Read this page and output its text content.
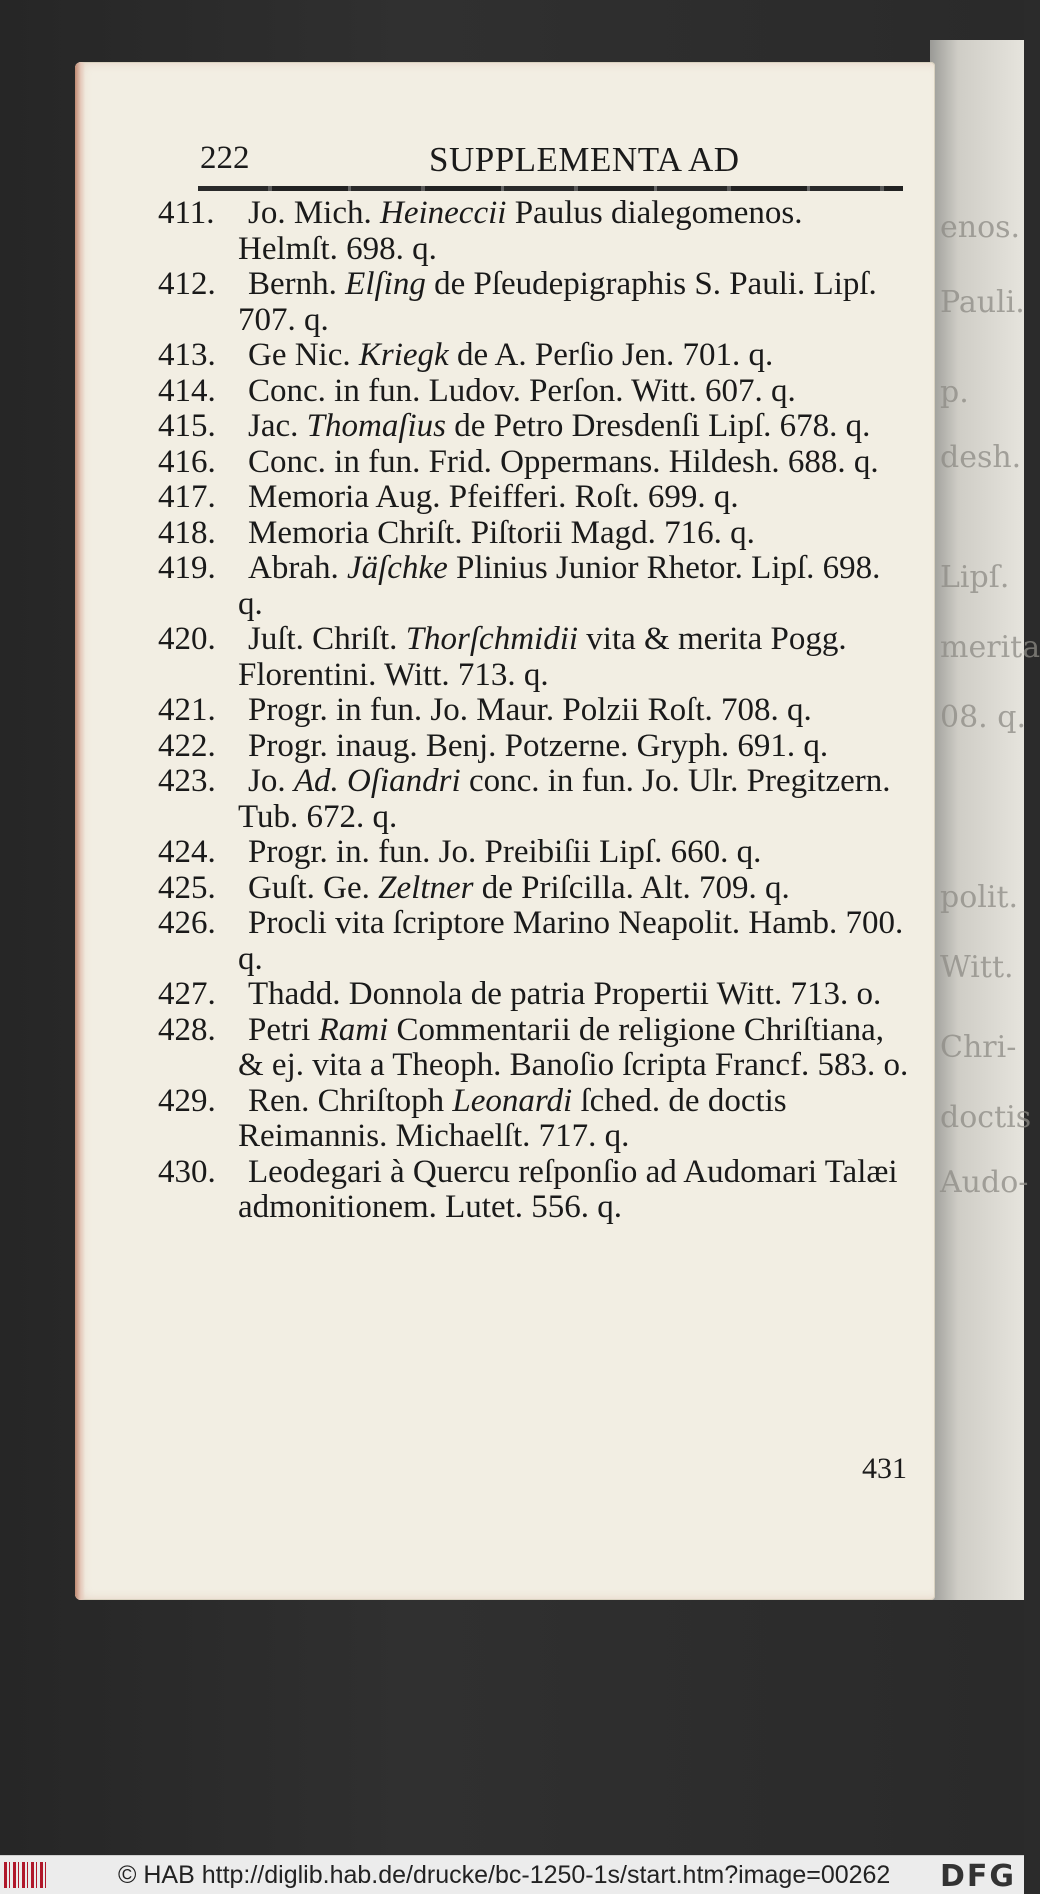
enos.
Pauli.
p.
desh.
Lipſ.
merita
08. q.
polit.
Witt.
Chri-
doctis
Audo-
222	SUPPLEMENTA AD

411. Jo. Mich. Heineccii Paulus dialegomenos. Helmſt. 698. q.

412. Bernh. Elſing de Pſeudepigraphis S. Pauli. Lipſ. 707. q.

413. Ge Nic. Kriegk de A. Perſio Jen. 701. q.

414. Conc. in fun. Ludov. Perſon. Witt. 607. q.

415. Jac. Thomaſius de Petro Dresdenſi Lipſ. 678. q.

416. Conc. in fun. Frid. Oppermans. Hildesh. 688. q.

417. Memoria Aug. Pfeifferi. Roſt. 699. q.

418. Memoria Chriſt. Piſtorii Magd. 716. q.

419. Abrah. Jäſchke Plinius Junior Rhetor. Lipſ. 698. q.

420. Juſt. Chriſt. Thorſchmidii vita & merita Pogg. Florentini. Witt. 713. q.

421. Progr. in fun. Jo. Maur. Polzii Roſt. 708. q.

422. Progr. inaug. Benj. Potzerne. Gryph. 691. q.

423. Jo. Ad. Oſiandri conc. in fun. Jo. Ulr. Pregitzern. Tub. 672. q.

424. Progr. in. fun. Jo. Preibiſii Lipſ. 660. q.

425. Guſt. Ge. Zeltner de Priſcilla. Alt. 709. q.

426. Procli vita ſcriptore Marino Neapolit. Hamb. 700. q.

427. Thadd. Donnola de patria Propertii Witt. 713. o.

428. Petri Rami Commentarii de religione Chriſtiana, & ej. vita a Theoph. Banoſio ſcripta Francf. 583. o.

429. Ren. Chriſtoph Leonardi ſched. de doctis Reimannis. Michaelſt. 717. q.

430. Leodegari à Quercu reſponſio ad Audomari Talæi admonitionem. Lutet. 556. q.

431
© HAB http://diglib.hab.de/drucke/bc-1250-1s/start.htm?image=00262 DFG
